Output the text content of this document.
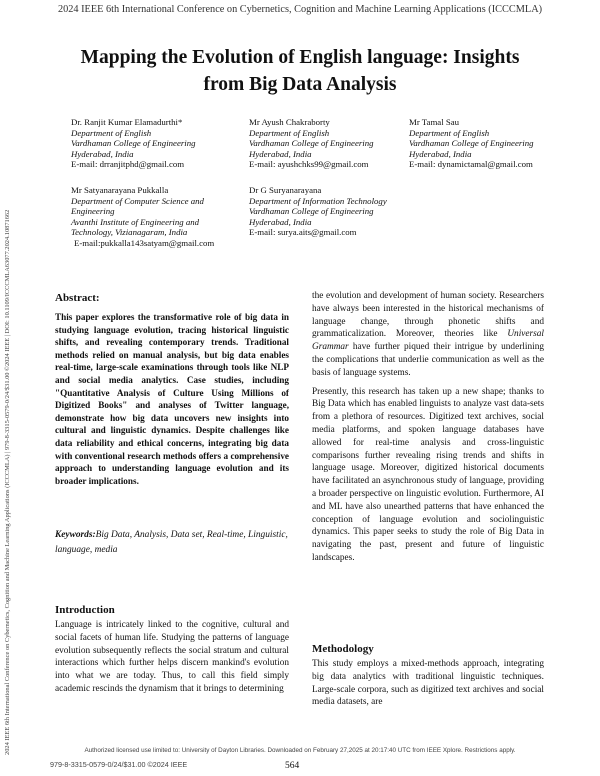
2024 IEEE 6th International Conference on Cybernetics, Cognition and Machine Learning Applications (ICCCMLA)
2024 IEEE 6th International Conference on Cybernetics, Cognition and Machine Learning Applications (ICCCMLA) | 979-8-3315-0579-0/24/$31.00 ©2024 IEEE | DOI: 10.1109/ICCCMLA63077.2024.10871662
Mapping the Evolution of English language: Insights
from Big Data Analysis
Dr. Ranjit Kumar Elamadurthi*
Department of English
Vardhaman College of Engineering
Hyderabad, India
E-mail: drranjitphd@gmail.com
Mr Ayush Chakraborty
Department of English
Vardhaman College of Engineering
Hyderabad, India
E-mail: ayushchks99@gmail.com
Mr Tamal Sau
Department of English
Vardhaman College of Engineering
Hyderabad, India
E-mail: dynamictamal@gmail.com
Mr Satyanarayana Pukkalla
Department of Computer Science and
Engineering
Avanthi Institute of Engineering and
Technology, Vizianagaram, India
E-mail:pukkalla143satyam@gmail.com
Dr G Suryanarayana
Department of Information Technology
Vardhaman College of Engineering
Hyderabad, India
E-mail: surya.aits@gmail.com
Abstract:
This paper explores the transformative role of big data in studying language evolution, tracing historical linguistic shifts, and revealing contemporary trends. Traditional methods relied on manual analysis, but big data enables real-time, large-scale examinations through tools like NLP and social media analytics. Case studies, including "Quantitative Analysis of Culture Using Millions of Digitized Books" and analyses of Twitter language, demonstrate how big data uncovers new insights into cultural and linguistic dynamics. Despite challenges like data reliability and ethical concerns, integrating big data with conventional research methods offers a comprehensive approach to understanding language evolution and its broader implications.
Keywords:Big Data, Analysis, Data set, Real-time, Linguistic, language, media
Introduction

Language is intricately linked to the cognitive, cultural and social facets of human life. Studying the patterns of language evolution subsequently reflects the social stratum and cultural interactions which further helps discern mankind's evolution into what we are today. Thus, to call this field simply academic rescinds the dynamism that it brings to determining

the evolution and development of human society. Researchers have always been interested in the historical mechanisms of language change, through phonetic shifts and grammaticalization. Moreover, theories like Universal Grammar have further piqued their intrigue by underlining the complications that underlie communication as well as the basis of language systems.

Presently, this research has taken up a new shape; thanks to Big Data which has enabled linguists to analyze vast data-sets from a plethora of resources. Digitized text archives, social media platforms, and spoken language databases have allowed for real-time analysis and cross-linguistic comparisons further revealing rising trends and shifts in language usage. Moreover, digitized historical documents have facilitated an asynchronous study of language, providing a broader perspective on linguistic evolution. Furthermore, AI and ML have also unearthed patterns that have enhanced the conception of language evolution and sociolinguistic dynamics. This paper seeks to study the role of Big Data in navigating the past, present and future of linguistic landscapes.

Methodology

This study employs a mixed-methods approach, integrating big data analytics with traditional linguistic techniques. Large-scale corpora, such as digitized text archives and social media datasets, are

Authorized licensed use limited to: University of Dayton Libraries. Downloaded on February 27,2025 at 20:17:40 UTC from IEEE Xplore. Restrictions apply.
979-8-3315-0579-0/24/$31.00 ©2024 IEEE	564
